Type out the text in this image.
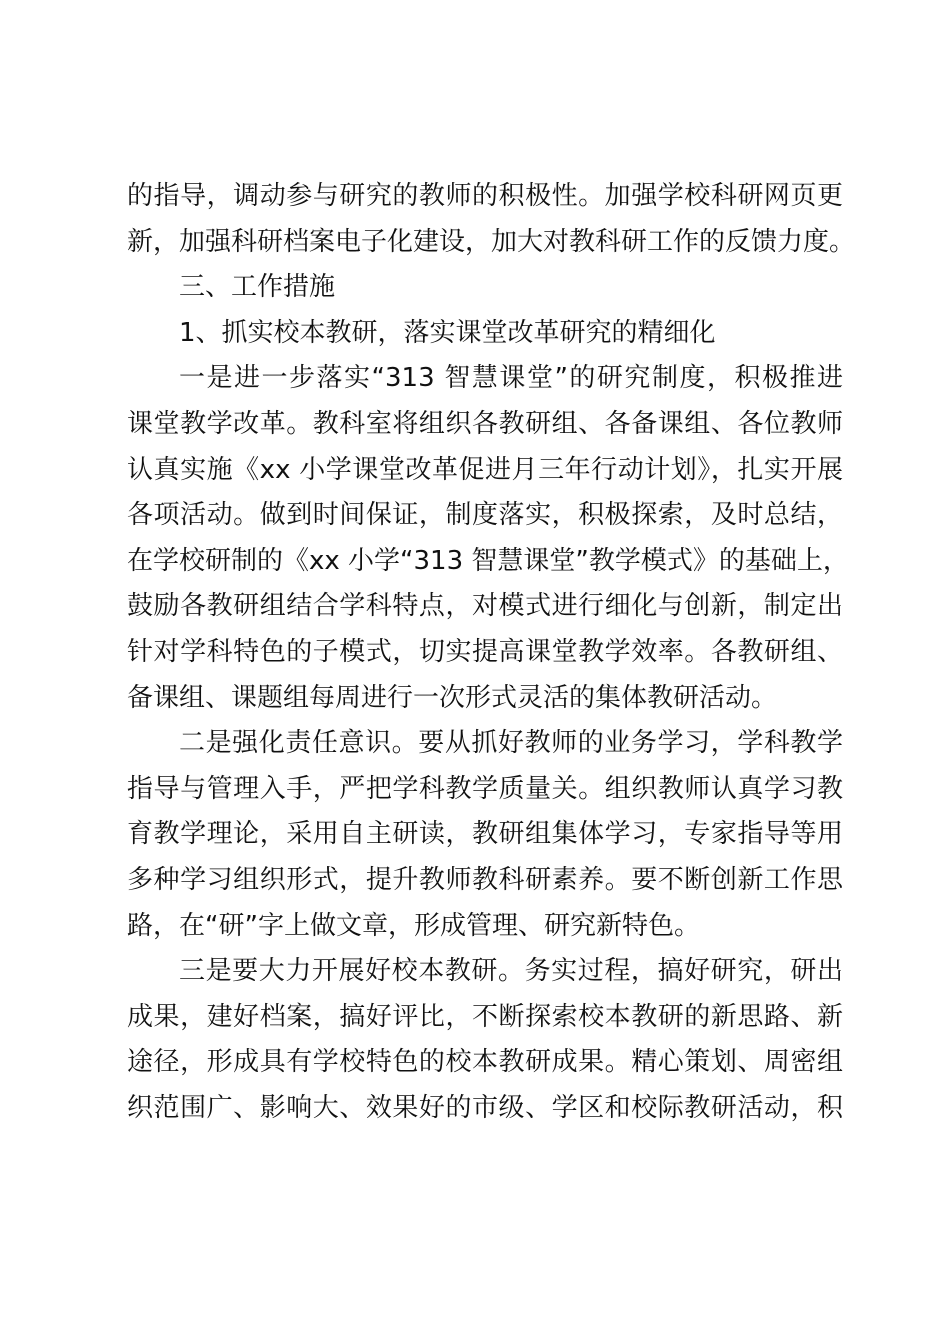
的指导，调动参与研究的教师的积极性。加强学校科研网页更
新，加强科研档案电子化建设，加大对教科研工作的反馈力度。
三、工作措施
1、抓实校本教研，落实课堂改革研究的精细化
一是进一步落实“313 智慧课堂”的研究制度，积极推进
课堂教学改革。教科室将组织各教研组、各备课组、各位教师
认真实施《xx 小学课堂改革促进月三年行动计划》，扎实开展
各项活动。做到时间保证，制度落实，积极探索，及时总结，
在学校研制的《xx 小学“313 智慧课堂”教学模式》的基础上，
鼓励各教研组结合学科特点，对模式进行细化与创新，制定出
针对学科特色的子模式，切实提高课堂教学效率。各教研组、
备课组、课题组每周进行一次形式灵活的集体教研活动。
二是强化责任意识。要从抓好教师的业务学习，学科教学
指导与管理入手，严把学科教学质量关。组织教师认真学习教
育教学理论，采用自主研读，教研组集体学习，专家指导等用
多种学习组织形式，提升教师教科研素养。要不断创新工作思
路，在“研”字上做文章，形成管理、研究新特色。
三是要大力开展好校本教研。务实过程，搞好研究，研出
成果，建好档案，搞好评比，不断探索校本教研的新思路、新
途径，形成具有学校特色的校本教研成果。精心策划、周密组
织范围广、影响大、效果好的市级、学区和校际教研活动，积
